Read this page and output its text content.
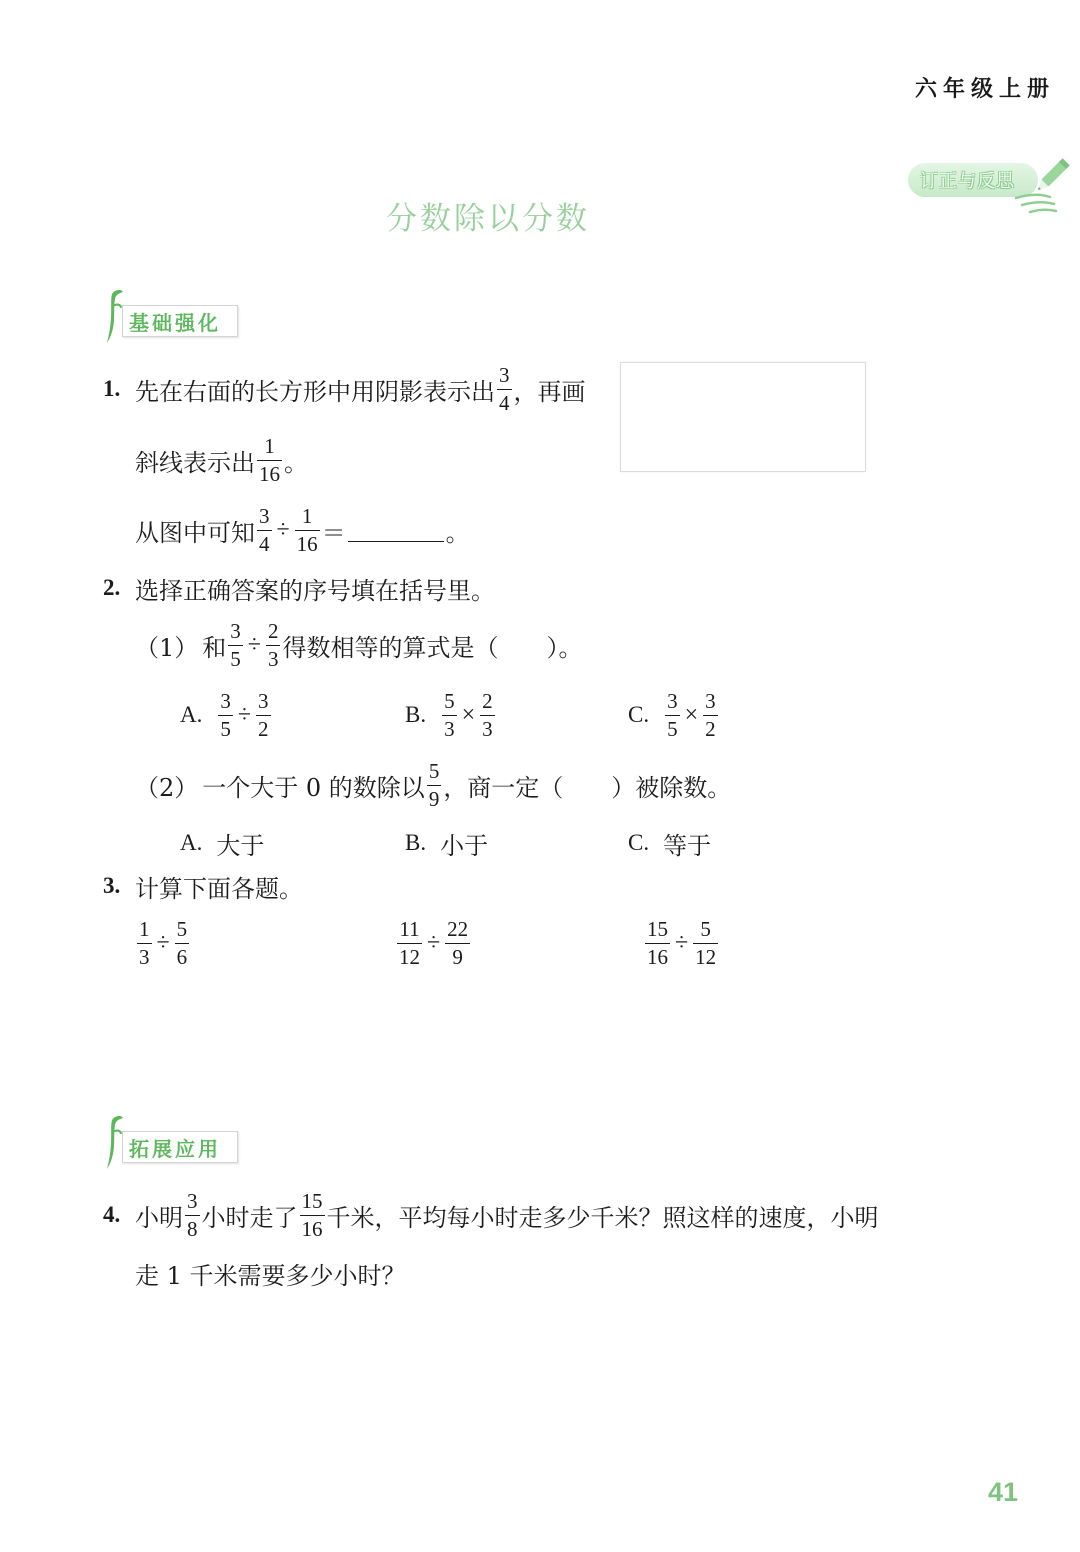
六年级上册
订正与反思
分数除以分数
基础强化
1. 先在右面的长方形中用阴影表示出 $\frac{3}{4}$ ，再画
斜线表示出 $\frac{1}{16}$ 。
从图中可知 $\frac{3}{4} \div \frac{1}{16}$ ＝	。
2. 选择正确答案的序号填在括号里。
（1） 和 $\frac{3}{5} \div \frac{2}{3}$ 得数相等的算式是（　　）。
A. $\frac{3}{5} \div \frac{3}{2}$	B. $\frac{5}{3} \times \frac{2}{3}$	C. $\frac{3}{5} \times \frac{3}{2}$
（2） 一个大于 0 的数除以 $\frac{5}{9}$ ，商一定（　　）被除数。
A. 大于	B. 小于	C. 等于
3. 计算下面各题。
$\frac{1}{3} \div \frac{5}{6}$	$\frac{11}{12} \div \frac{22}{9}$	$\frac{15}{16} \div \frac{5}{12}$
拓展应用
4. 小明 $\frac{3}{8}$ 小时走了 $\frac{15}{16}$ 千米，平均每小时走多少千米？照这样的速度，小明
走 1 千米需要多少小时？
41
